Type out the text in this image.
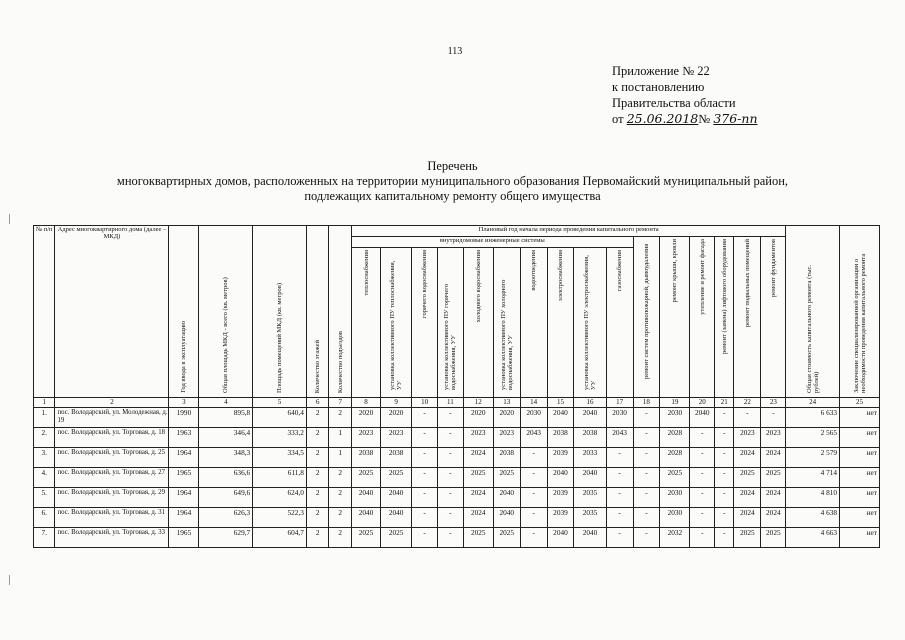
113
Приложение № 22
к постановлению
Правительства области
от 25.06.2018№ 376-пп
Перечень
многоквартирных домов, расположенных на территории муниципального образования Первомайский муниципальный район,
подлежащих капитальному ремонту общего имущества
№ п/п	Адрес многоквартирного дома (далее – МКД)	Год ввода в эксплуатацию	Общая площадь МКД - всего (кв. метров)	Площадь помещений МКД (кв. метров)	Количество этажей	Количество подъездов	Плановый год начала периода проведения капитального ремонта																Общая стоимость капитального ремонта (тыс. рублей)	Заключение специализированной организации о необходимости проведения капитального ремонта
							внутридомовые инженерные системы										ремонт систем противопожарной, дымоудаления	ремонт крыши, кровли	утепление и ремонт фасада	ремонт (замена) лифтового оборудования	ремонт подвальных помещений	ремонт фундаментов		
							теплоснабжения	установка коллективного ПУ теплоснабжения, УУ	горячего водоснабжения	установка коллективного ПУ горячего водоснабжения, УУ	холодного водоснабжения	установка коллективного ПУ холодного водоснабжения, УУ	водоотведения	электроснабжения	установка коллективного ПУ электроснабжения, УУ	газоснабжения								
1	2	3	4	5	6	7	8	9	10	11	12	13	14	15	16	17	18	19	20	21	22	23	24	25
1.	пос. Володарский, ул. Молодежная, д. 19	1990	895,8	640,4	2	2	2020	2020	-	-	2020	2020	2030	2040	2040	2030	-	2030	2040	-	-	-	6 633	нет
2.	пос. Володарский, ул. Торговая, д. 18	1963	346,4	333,2	2	1	2023	2023	-	-	2023	2023	2043	2038	2038	2043	-	2028	-	-	2023	2023	2 565	нет
3.	пос. Володарский, ул. Торговая, д. 25	1964	348,3	334,5	2	1	2038	2038	-	-	2024	2038	-	2039	2033	-	-	2028	-	-	2024	2024	2 579	нет
4.	пос. Володарский, ул. Торговая, д. 27	1965	636,6	611,8	2	2	2025	2025	-	-	2025	2025	-	2040	2040	-	-	2025	-	-	2025	2025	4 714	нет
5.	пос. Володарский, ул. Торговая, д. 29	1964	649,6	624,0	2	2	2040	2040	-	-	2024	2040	-	2039	2035	-	-	2030	-	-	2024	2024	4 810	нет
6.	пос. Володарский, ул. Торговая, д. 31	1964	626,3	522,3	2	2	2040	2040	-	-	2024	2040	-	2039	2035	-	-	2030	-	-	2024	2024	4 638	нет
7.	пос. Володарский, ул. Торговая, д. 33	1965	629,7	604,7	2	2	2025	2025	-	-	2025	2025	-	2040	2040	-	-	2032	-	-	2025	2025	4 663	нет
